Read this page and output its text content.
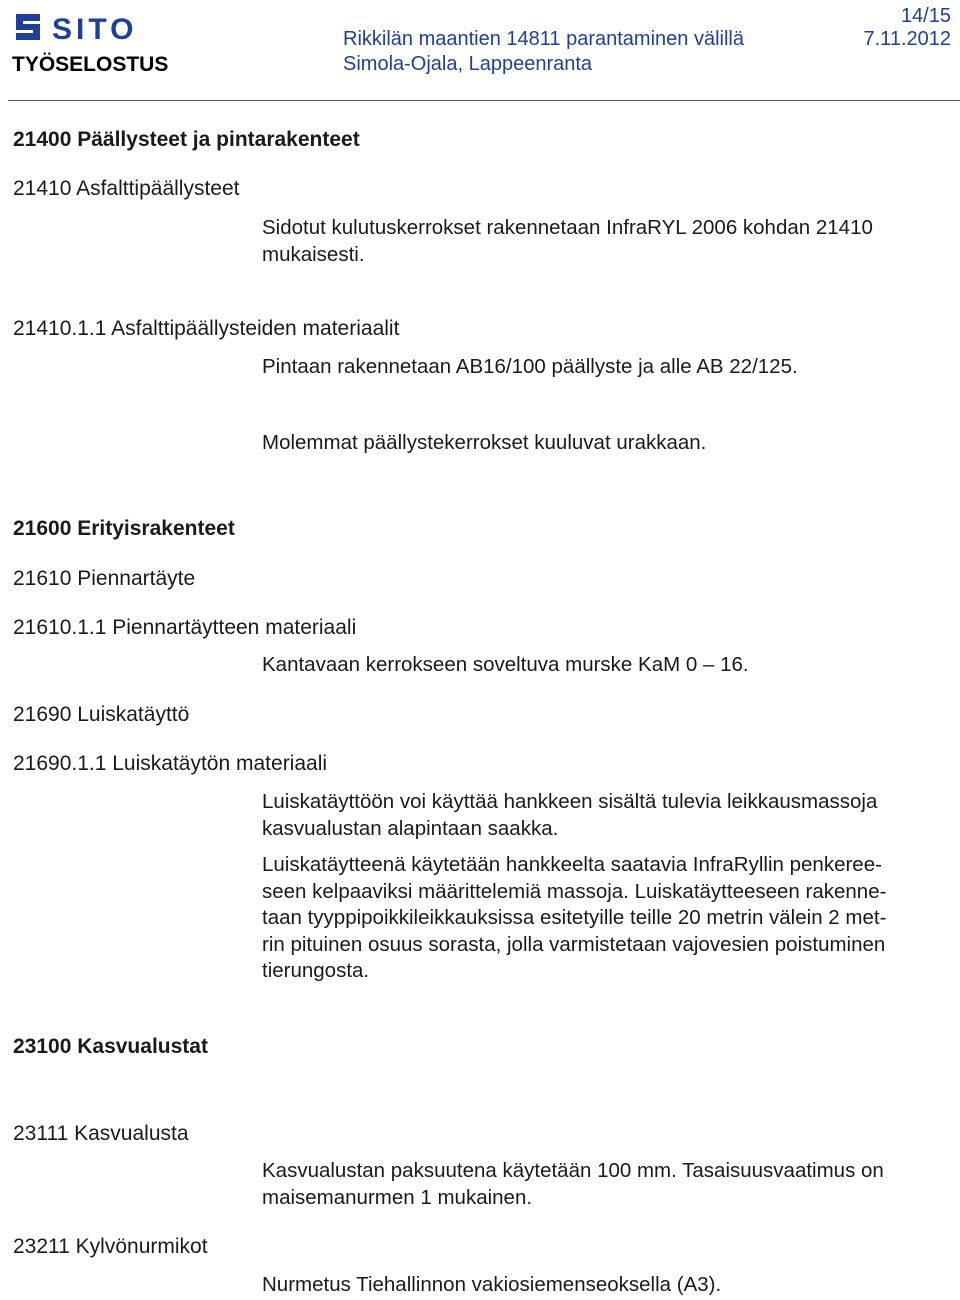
SITO
TYÖSELOSTUS
Rikkilän maantien 14811 parantaminen välillä
Simola-Ojala, Lappeenranta
14/15
7.11.2012
21400 Päällysteet ja pintarakenteet
21410 Asfalttipäällysteet
Sidotut kulutuskerrokset rakennetaan InfraRYL 2006 kohdan 21410
mukaisesti.
21410.1.1 Asfalttipäällysteiden materiaalit
Pintaan rakennetaan AB16/100 päällyste ja alle AB 22/125.
Molemmat päällystekerrokset kuuluvat urakkaan.
21600 Erityisrakenteet
21610 Piennartäyte
21610.1.1 Piennartäytteen materiaali
Kantavaan kerrokseen soveltuva murske KaM 0 – 16.
21690 Luiskatäyttö
21690.1.1 Luiskatäytön materiaali
Luiskatäyttöön voi käyttää hankkeen sisältä tulevia leikkausmassoja
kasvualustan alapintaan saakka.
Luiskatäytteenä käytetään hankkeelta saatavia InfraRyllin penkeree-
seen kelpaaviksi määrittelemiä massoja. Luiskatäytteeseen rakenne-
taan tyyppipoikkileikkauksissa esitetyille teille 20 metrin välein 2 met-
rin pituinen osuus sorasta, jolla varmistetaan vajovesien poistuminen
tierungosta.
23100 Kasvualustat
23111 Kasvualusta
Kasvualustan paksuutena käytetään 100 mm. Tasaisuusvaatimus on
maisemanurmen 1 mukainen.
23211 Kylvönurmikot
Nurmetus Tiehallinnon vakiosiemenseoksella (A3).
